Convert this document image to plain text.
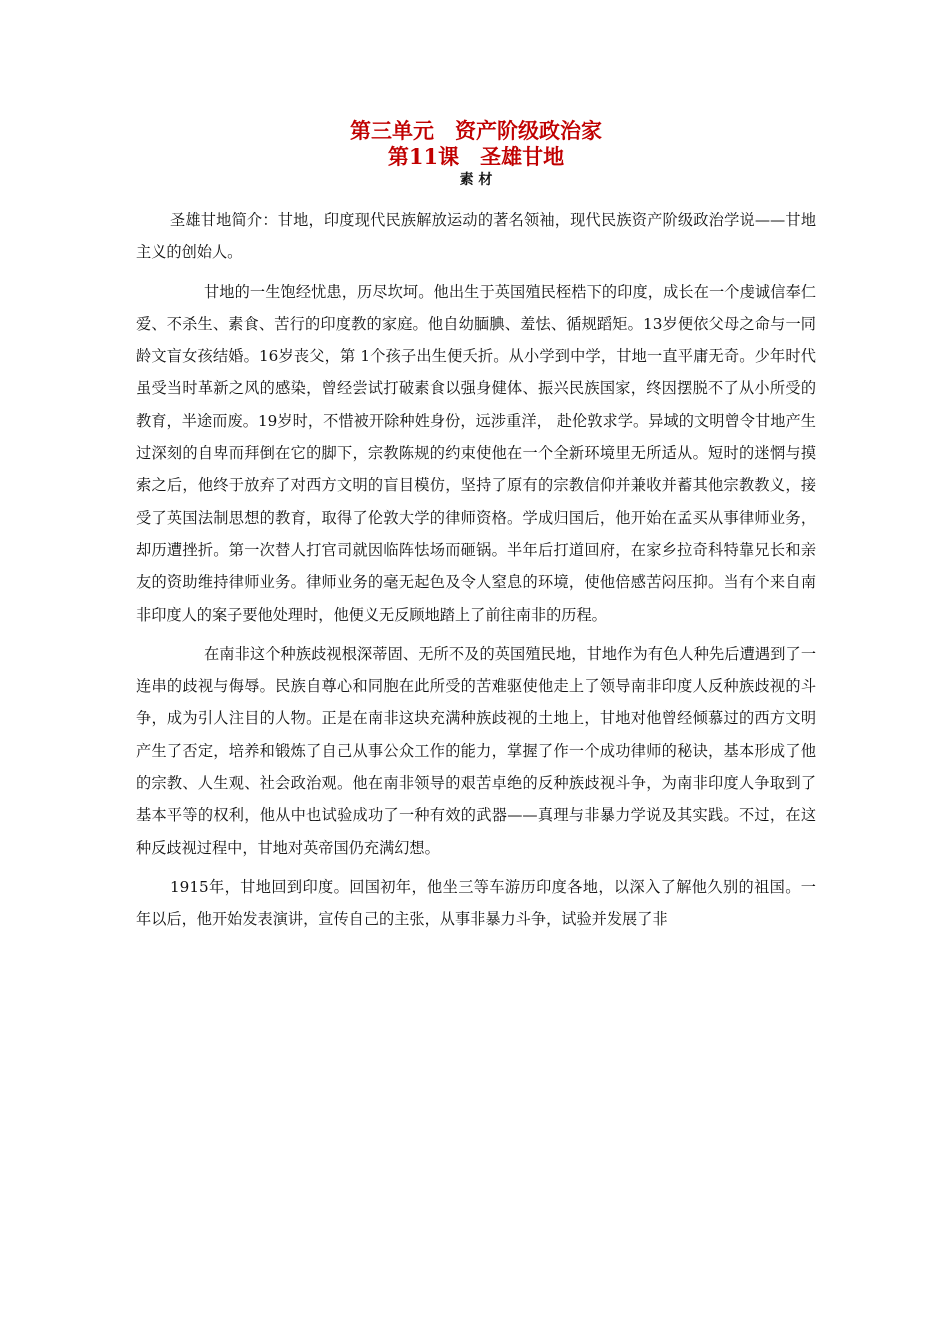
第三单元　资产阶级政治家
第11课　圣雄甘地
素 材

圣雄甘地简介：甘地，印度现代民族解放运动的著名领袖，现代民族资产阶级政治学说——甘地主义的创始人。

甘地的一生饱经忧患，历尽坎坷。他出生于英国殖民桎梏下的印度，成长在一个虔诚信奉仁爱、不杀生、素食、苦行的印度教的家庭。他自幼腼腆、羞怯、循规蹈矩。13岁便依父母之命与一同龄文盲女孩结婚。16岁丧父，第 1个孩子出生便夭折。从小学到中学，甘地一直平庸无奇。少年时代虽受当时革新之风的感染，曾经尝试打破素食以强身健体、振兴民族国家，终因摆脱不了从小所受的教育，半途而废。19岁时，不惜被开除种姓身份，远涉重洋， 赴伦敦求学。异域的文明曾令甘地产生过深刻的自卑而拜倒在它的脚下，宗教陈规的约束使他在一个全新环境里无所适从。短时的迷惘与摸索之后，他终于放弃了对西方文明的盲目模仿，坚持了原有的宗教信仰并兼收并蓄其他宗教教义，接受了英国法制思想的教育，取得了伦敦大学的律师资格。学成归国后，他开始在孟买从事律师业务，却历遭挫折。第一次替人打官司就因临阵怯场而砸锅。半年后打道回府，在家乡拉奇科特靠兄长和亲友的资助维持律师业务。律师业务的毫无起色及令人窒息的环境，使他倍感苦闷压抑。当有个来自南非印度人的案子要他处理时，他便义无反顾地踏上了前往南非的历程。

在南非这个种族歧视根深蒂固、无所不及的英国殖民地，甘地作为有色人种先后遭遇到了一连串的歧视与侮辱。民族自尊心和同胞在此所受的苦难驱使他走上了领导南非印度人反种族歧视的斗争，成为引人注目的人物。正是在南非这块充满种族歧视的土地上，甘地对他曾经倾慕过的西方文明产生了否定，培养和锻炼了自己从事公众工作的能力，掌握了作一个成功律师的秘诀，基本形成了他的宗教、人生观、社会政治观。他在南非领导的艰苦卓绝的反种族歧视斗争，为南非印度人争取到了基本平等的权利，他从中也试验成功了一种有效的武器——真理与非暴力学说及其实践。不过，在这种反歧视过程中，甘地对英帝国仍充满幻想。

1915年，甘地回到印度。回国初年，他坐三等车游历印度各地，以深入了解他久别的祖国。一年以后，他开始发表演讲，宣传自己的主张，从事非暴力斗争，试验并发展了非
